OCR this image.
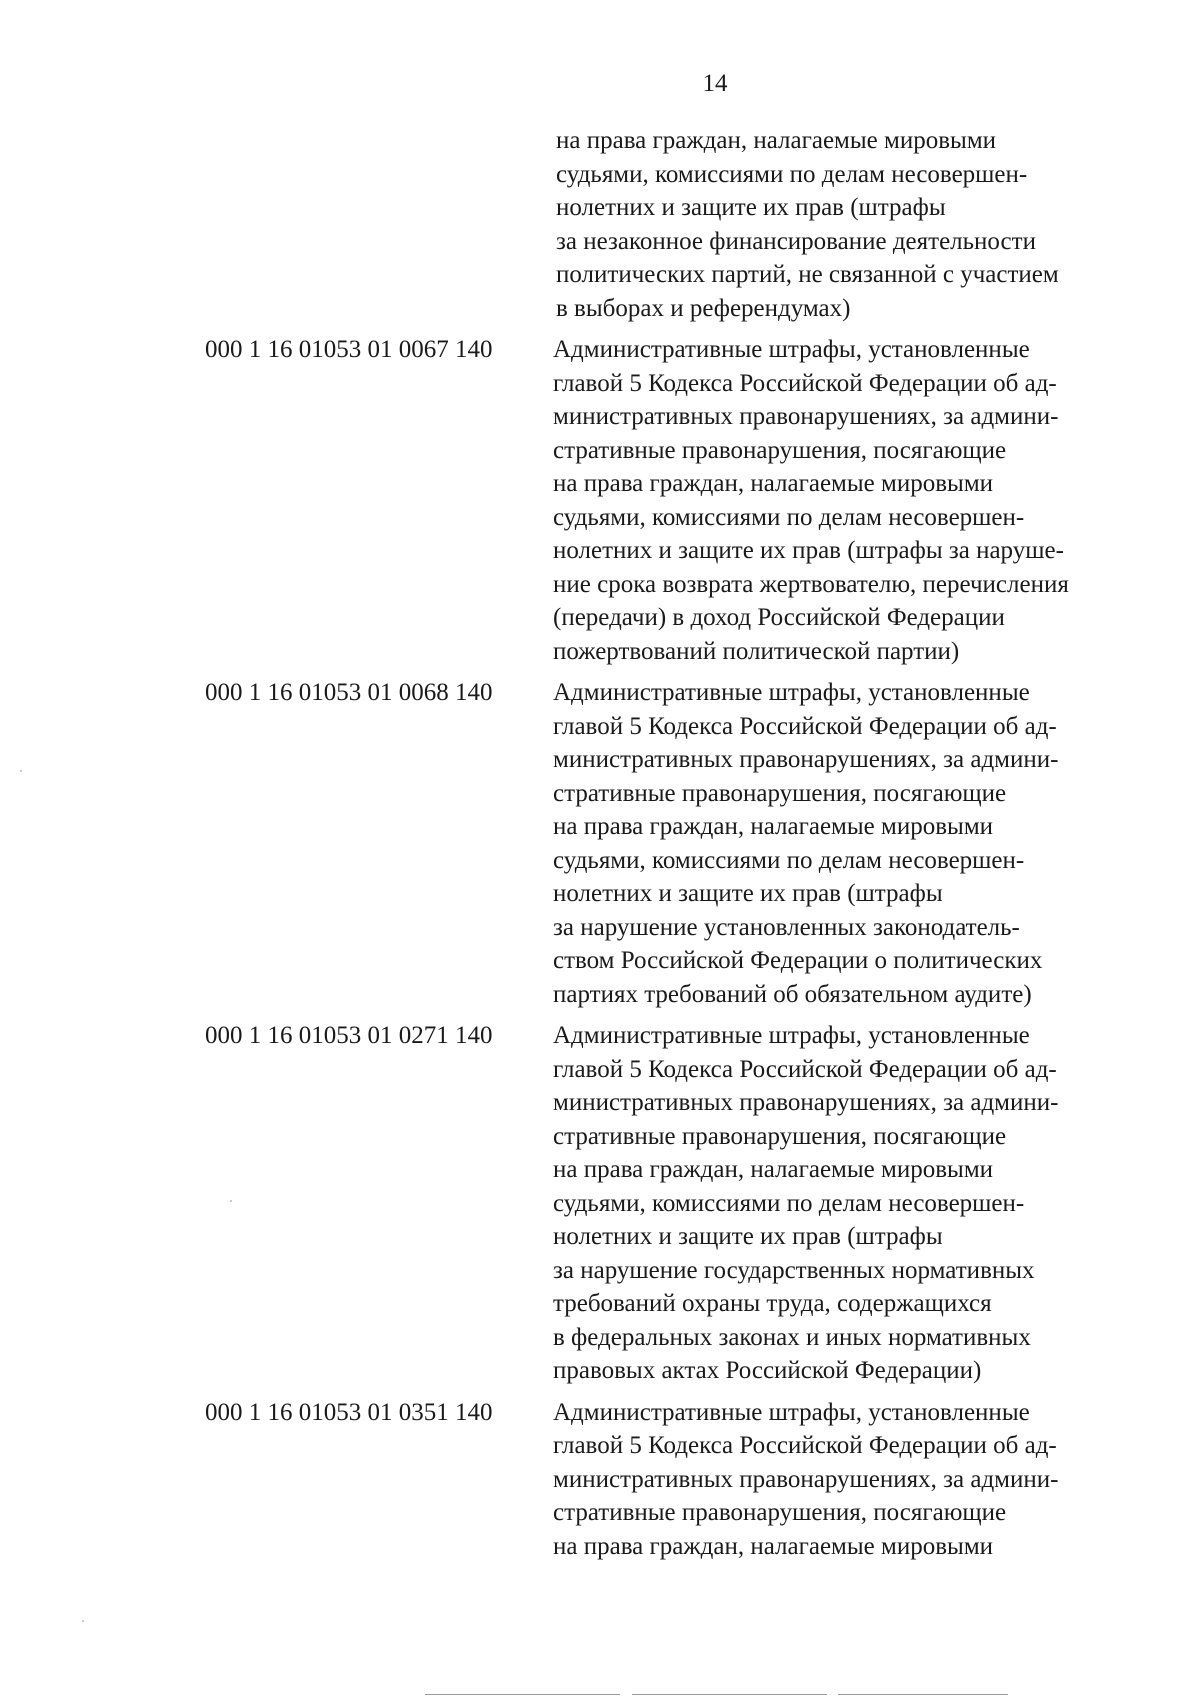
14
на права граждан, налагаемые мировыми
судьями, комиссиями по делам несовершен-
нолетних и защите их прав (штрафы
за незаконное финансирование деятельности
политических партий, не связанной с участием
в выборах и референдумах)
000 1 16 01053 01 0067 140	Административные штрафы, установленные
главой 5 Кодекса Российской Федерации об ад-
министративных правонарушениях, за админи-
стративные правонарушения, посягающие
на права граждан, налагаемые мировыми
судьями, комиссиями по делам несовершен-
нолетних и защите их прав (штрафы за наруше-
ние срока возврата жертвователю, перечисления
(передачи) в доход Российской Федерации
пожертвований политической партии)
000 1 16 01053 01 0068 140	Административные штрафы, установленные
главой 5 Кодекса Российской Федерации об ад-
министративных правонарушениях, за админи-
стративные правонарушения, посягающие
на права граждан, налагаемые мировыми
судьями, комиссиями по делам несовершен-
нолетних и защите их прав (штрафы
за нарушение установленных законодатель-
ством Российской Федерации о политических
партиях требований об обязательном аудите)
000 1 16 01053 01 0271 140	Административные штрафы, установленные
главой 5 Кодекса Российской Федерации об ад-
министративных правонарушениях, за админи-
стративные правонарушения, посягающие
на права граждан, налагаемые мировыми
судьями, комиссиями по делам несовершен-
нолетних и защите их прав (штрафы
за нарушение государственных нормативных
требований охраны труда, содержащихся
в федеральных законах и иных нормативных
правовых актах Российской Федерации)
000 1 16 01053 01 0351 140	Административные штрафы, установленные
главой 5 Кодекса Российской Федерации об ад-
министративных правонарушениях, за админи-
стративные правонарушения, посягающие
на права граждан, налагаемые мировыми
